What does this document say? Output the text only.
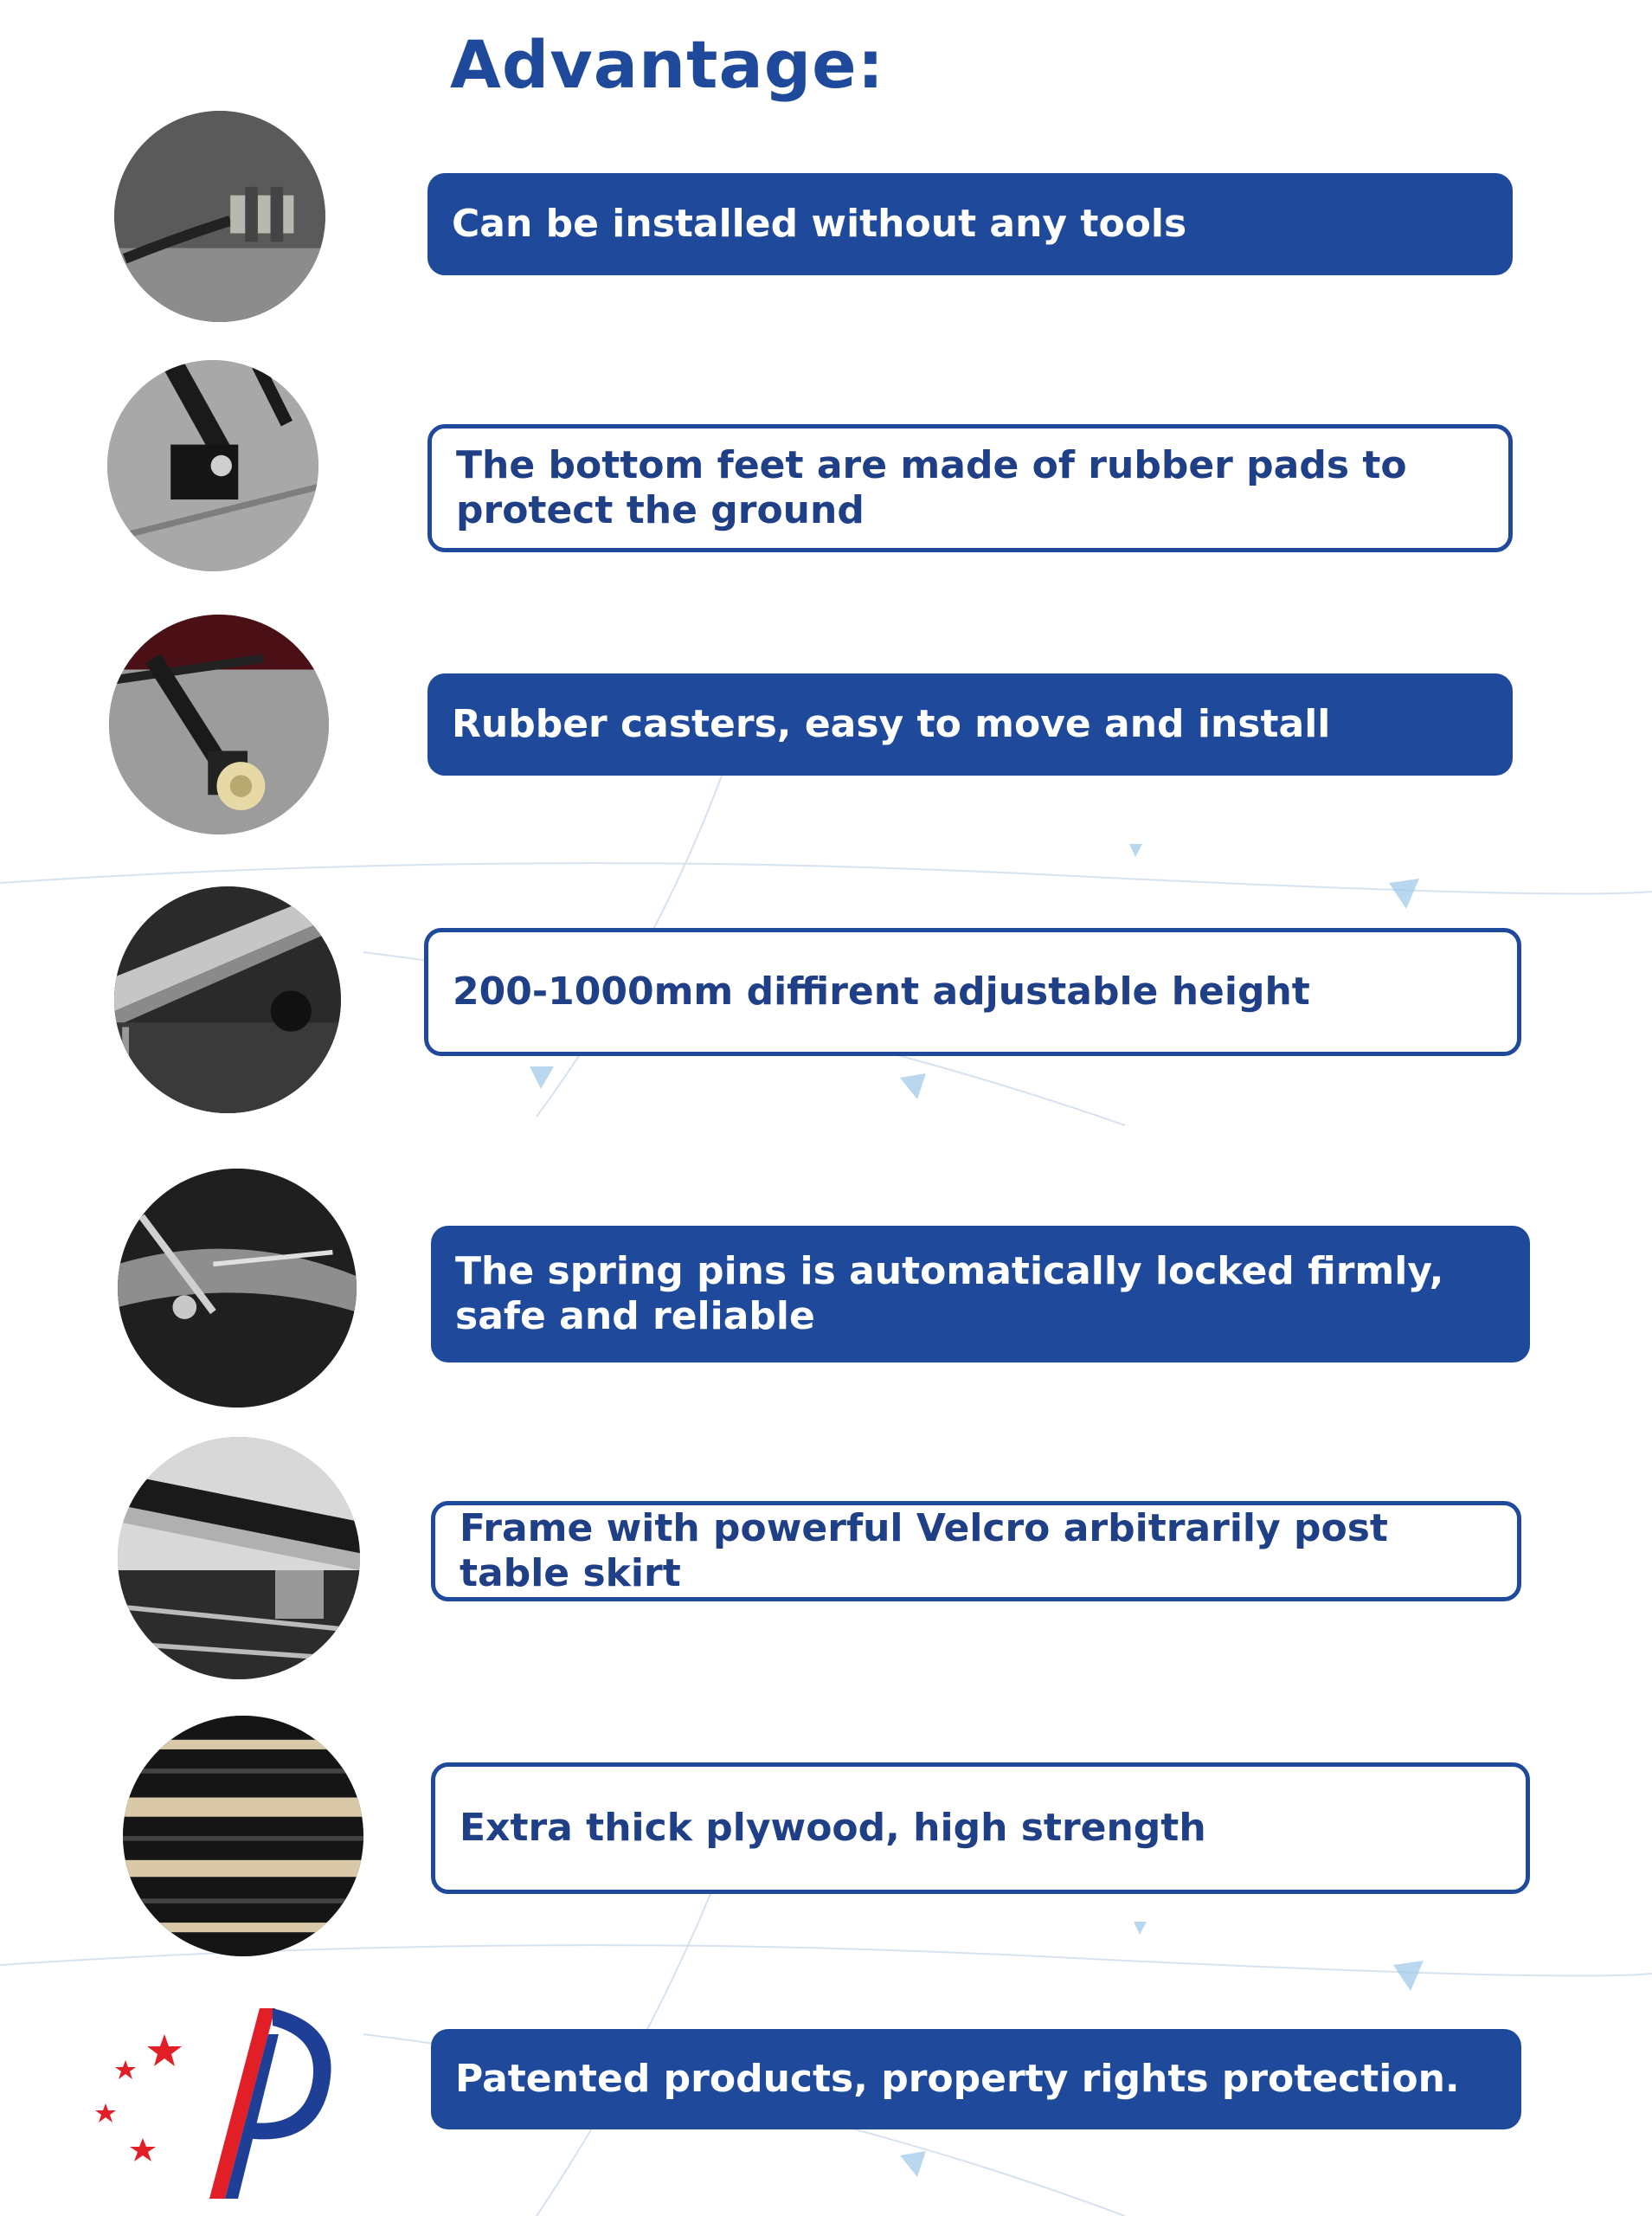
Advantage:
Can be installed without any tools
The bottom feet are made of rubber pads to protect the ground
Rubber casters, easy to move and install
200-1000mm diffirent adjustable height
The spring pins is automatically locked firmly, safe and reliable
Frame with powerful Velcro arbitrarily post table skirt
Extra thick plywood, high strength
Patented products, property rights protection.
